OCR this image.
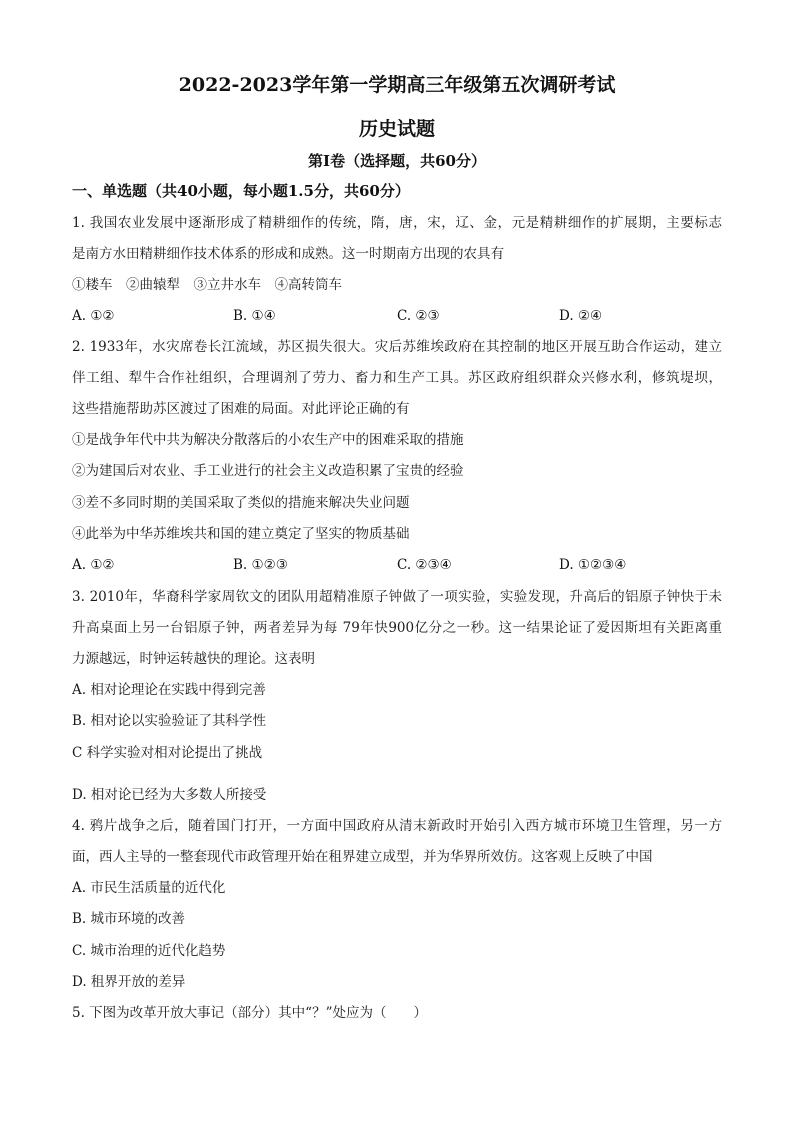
2022-2023学年第一学期高三年级第五次调研考试
历史试题
第I卷（选择题，共60分）
一、单选题（共40小题，每小题1.5分，共60分）
1. 我国农业发展中逐渐形成了精耕细作的传统，隋，唐，宋，辽、金，元是精耕细作的扩展期，主要标志
是南方水田精耕细作技术体系的形成和成熟。这一时期南方出现的农具有
①耧车　②曲辕犁　③立井水车　④高转筒车
A. ①②	B. ①④	C. ②③	D. ②④
2. 1933年，水灾席卷长江流域，苏区损失很大。灾后苏维埃政府在其控制的地区开展互助合作运动，建立
伴工组、犁牛合作社组织，合理调剂了劳力、畜力和生产工具。苏区政府组织群众兴修水利，修筑堤坝，
这些措施帮助苏区渡过了困难的局面。对此评论正确的有
①是战争年代中共为解决分散落后的小农生产中的困难采取的措施
②为建国后对农业、手工业进行的社会主义改造积累了宝贵的经验
③差不多同时期的美国采取了类似的措施来解决失业问题
④此举为中华苏维埃共和国的建立奠定了坚实的物质基础
A. ①②	B. ①②③	C. ②③④	D. ①②③④
3. 2010年，华裔科学家周钦文的团队用超精准原子钟做了一项实验，实验发现，升高后的铝原子钟快于未
升高桌面上另一台铝原子钟，两者差异为每 79年快900亿分之一秒。这一结果论证了爱因斯坦有关距离重
力源越远，时钟运转越快的理论。这表明
A. 相对论理论在实践中得到完善
B. 相对论以实验验证了其科学性
C 科学实验对相对论提出了挑战
D. 相对论已经为大多数人所接受
4. 鸦片战争之后，随着国门打开，一方面中国政府从清末新政时开始引入西方城市环境卫生管理，另一方
面，西人主导的一整套现代市政管理开始在租界建立成型，并为华界所效仿。这客观上反映了中国
A. 市民生活质量的近代化
B. 城市环境的改善
C. 城市治理的近代化趋势
D. 租界开放的差异
5. 下图为改革开放大事记（部分）其中“？”处应为（　　）
